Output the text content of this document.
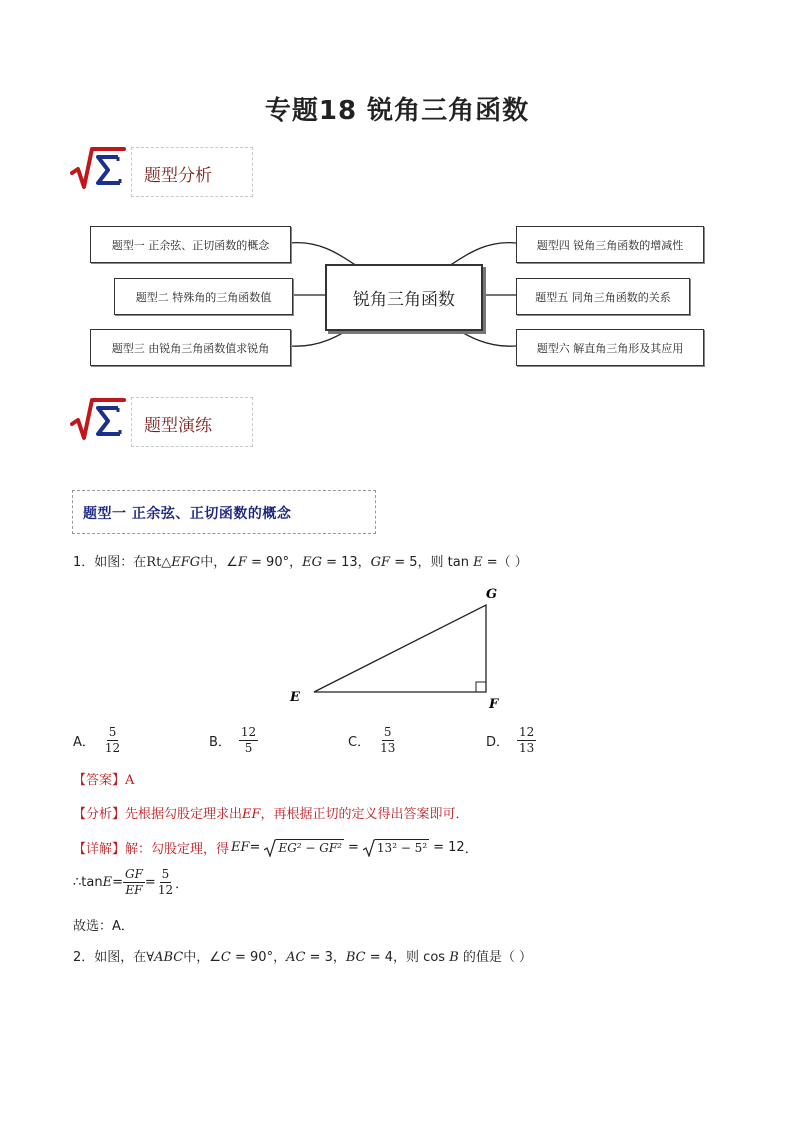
专题18 锐角三角函数
题型分析
题型一 正余弦、正切函数的概念
题型二 特殊角的三角函数值
题型三 由锐角三角函数值求锐角
锐角三角函数
题型四 锐角三角函数的增减性
题型五 同角三角函数的关系
题型六 解直角三角形及其应用
题型演练
题型一 正余弦、正切函数的概念
1．如图：在Rt△EFG中，∠F = 90°，EG = 13，GF = 5，则 tan E =（ ）
G
E	F
A． $\frac{5}{12}$	B． $\frac{12}{5}$	C． $\frac{5}{13}$	D． $\frac{12}{13}$
【答案】A
【分析】先根据勾股定理求出EF，再根据正切的定义得出答案即可．
【详解】 解：勾股定理，得 EF = EG² − GF² = 13² − 5² = 12 ．
∴tan $E = \frac{GF}{EF} = \frac{5}{12}$ ．
故选：A．
2．如图，在∀ABC中，∠C = 90°，AC = 3，BC = 4，则 cos B 的值是（ ）
